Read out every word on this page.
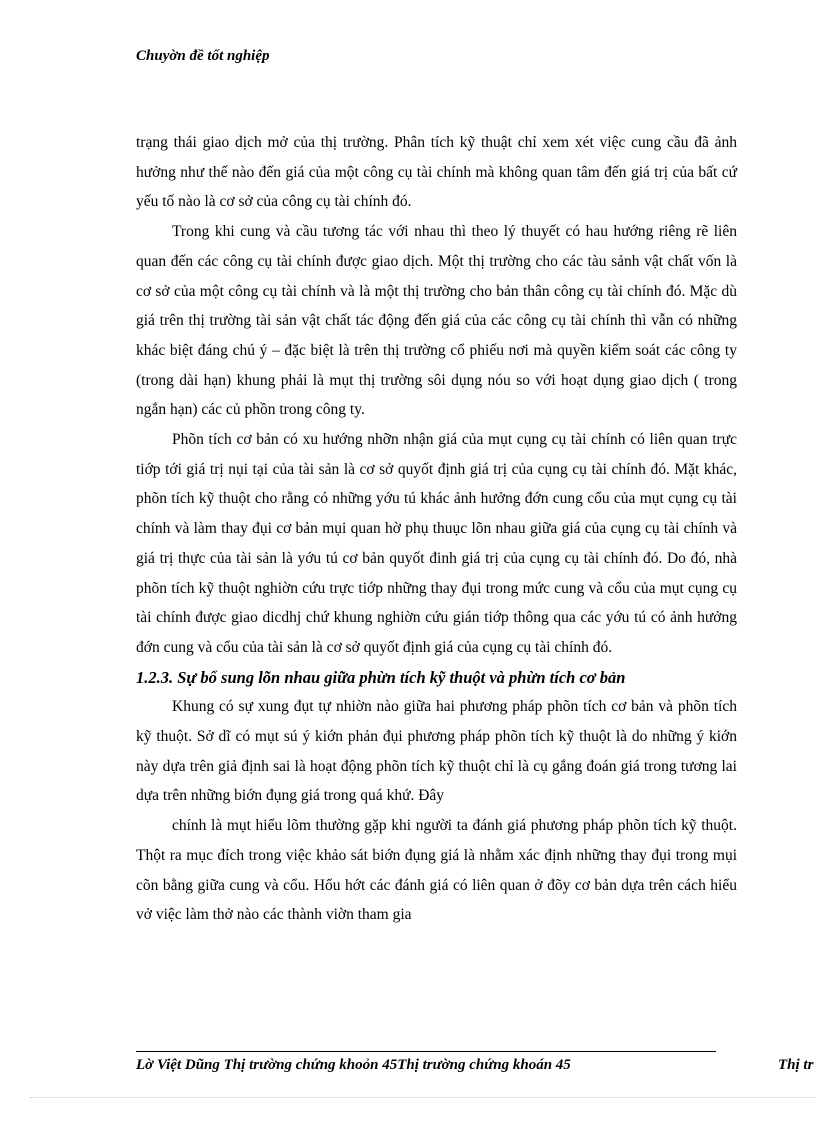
Chuyờn đề tốt nghiệp

trạng thái giao dịch mở của thị trường. Phân tích kỹ thuật chỉ xem xét việc cung cầu đã ảnh hưởng như thế nào đến giá của một công cụ tài chính mà không quan tâm đến giá trị của bất cứ yếu tố nào là cơ sở của công cụ tài chính đó.

Trong khi cung và cầu tương tác với nhau thì theo lý thuyết có hau hướng riêng rẽ liên quan đến các công cụ tài chính được giao dịch. Một thị trường cho các tàu sảnh vật chất vốn là cơ sở của một công cụ tài chính và là một thị trường cho bản thân công cụ tài chính đó. Mặc dù giá trên thị trường tài sản vật chất tác động đến giá của các công cụ tài chính thì vẫn có những khác biệt đáng chú ý – đặc biệt là trên thị trường cổ phiếu nơi mà quyền kiểm soát các công ty (trong dài hạn) khung phải là mụt thị trường sôi dụng nóu so với hoạt dụng giao dịch ( trong ngắn hạn) các củ phồn trong công ty.

Phõn tích cơ bản có xu hướng nhỡn nhận giá của mụt cụng cụ tài chính có liên quan trực tiớp tới giá trị nụi tại của tài sản là cơ sở quyốt định giá trị của cụng cụ tài chính đó. Mặt khác, phõn tích kỹ thuột cho rằng có những yớu tú khác ảnh hưởng đớn cung cổu của mụt cụng cụ tài chính và làm thay đụi cơ bản mụi quan hờ phụ thuục lõn nhau giữa giá của cụng cụ tài chính và giá trị thực của tài sản là yớu tú cơ bản quyốt đinh giá trị của cụng cụ tài chính đó. Do đó, nhà phõn tích kỹ thuột nghiờn cứu trực tiớp những thay đụi trong mức cung và cổu của mụt cụng cụ tài chính được giao dicdhj chứ khung nghiờn cứu gián tiớp thông qua các yớu tú có ảnh hưởng đớn cung và cổu của tài sản là cơ sở quyốt định giá của cụng cụ tài chính đó.

1.2.3. Sự bổ sung lõn nhau giữa phừn tích kỹ thuột và phừn tích cơ bản

Khung có sự xung đụt tự nhiờn nào giữa hai phương pháp phõn tích cơ bản và phõn tích kỹ thuột. Sở dĩ có mụt sú ý kiớn phản đụi phương pháp phõn tích kỹ thuột là do những ý kiớn này dựa trên giả định sai là hoạt động phõn tích kỹ thuột chỉ là cụ gắng đoán giá trong tương lai dựa trên những biớn đụng giá trong quá khứ. Đây

chính là mụt hiểu lõm thường gặp khi người ta đánh giá phương pháp phõn tích kỹ thuột. Thột ra mục đích trong việc khảo sát biớn đụng giá là nhằm xác định những thay đụi trong mụi cõn bằng giữa cung và cổu. Hổu hớt các đánh giá có liên quan ở đõy cơ bản dựa trên cách hiểu vở việc làm thở nào các thành viờn tham gia

Lờ Việt Dũng Thị trường chứng khoỏn 45Thị trường chứng khoán 45	Thị tr
